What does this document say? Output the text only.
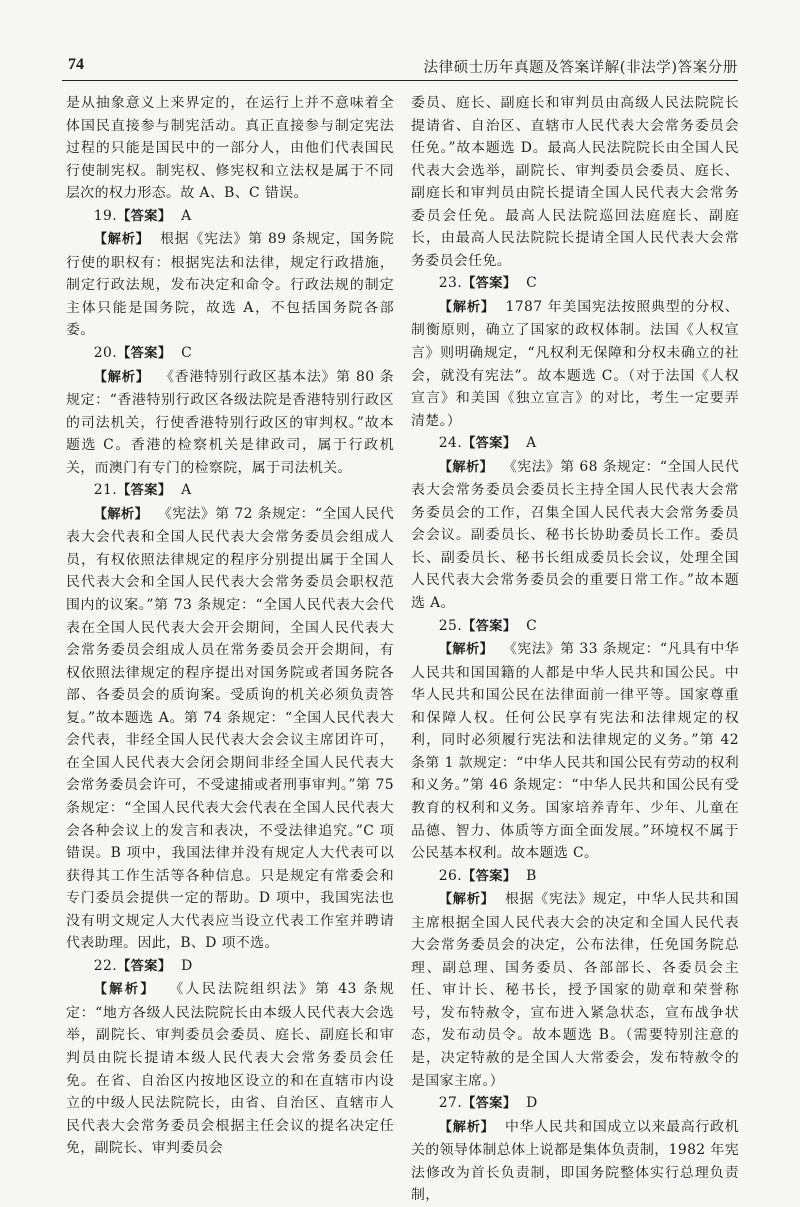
74	法律硕士历年真题及答案详解(非法学)答案分册

是从抽象意义上来界定的，在运行上并不意味着全体国民直接参与制宪活动。真正直接参与制定宪法过程的只能是国民中的一部分人，由他们代表国民行使制宪权。制宪权、修宪权和立法权是属于不同层次的权力形态。故 A、B、C 错误。

19.【答案】 A

【解析】 根据《宪法》第 89 条规定，国务院行使的职权有：根据宪法和法律，规定行政措施，制定行政法规，发布决定和命令。行政法规的制定主体只能是国务院，故选 A，不包括国务院各部委。

20.【答案】 C

【解析】 《香港特别行政区基本法》第 80 条规定：“香港特别行政区各级法院是香港特别行政区的司法机关，行使香港特别行政区的审判权。”故本题选 C。香港的检察机关是律政司，属于行政机关，而澳门有专门的检察院，属于司法机关。

21.【答案】 A

【解析】 《宪法》第 72 条规定：“全国人民代表大会代表和全国人民代表大会常务委员会组成人员，有权依照法律规定的程序分别提出属于全国人民代表大会和全国人民代表大会常务委员会职权范围内的议案。”第 73 条规定：“全国人民代表大会代表在全国人民代表大会开会期间，全国人民代表大会常务委员会组成人员在常务委员会开会期间，有权依照法律规定的程序提出对国务院或者国务院各部、各委员会的质询案。受质询的机关必须负责答复。”故本题选 A。第 74 条规定：“全国人民代表大会代表，非经全国人民代表大会会议主席团许可，在全国人民代表大会闭会期间非经全国人民代表大会常务委员会许可，不受逮捕或者刑事审判。”第 75 条规定：“全国人民代表大会代表在全国人民代表大会各种会议上的发言和表决，不受法律追究。”C 项错误。B 项中，我国法律并没有规定人大代表可以获得其工作生活等各种信息。只是规定有常委会和专门委员会提供一定的帮助。D 项中，我国宪法也没有明文规定人大代表应当设立代表工作室并聘请代表助理。因此，B、D 项不选。

22.【答案】 D

【解析】 《人民法院组织法》第 43 条规定：“地方各级人民法院院长由本级人民代表大会选举，副院长、审判委员会委员、庭长、副庭长和审判员由院长提请本级人民代表大会常务委员会任免。在省、自治区内按地区设立的和在直辖市内设立的中级人民法院院长，由省、自治区、直辖市人民代表大会常务委员会根据主任会议的提名决定任免，副院长、审判委员会

委员、庭长、副庭长和审判员由高级人民法院院长提请省、自治区、直辖市人民代表大会常务委员会任免。”故本题选 D。最高人民法院院长由全国人民代表大会选举，副院长、审判委员会委员、庭长、副庭长和审判员由院长提请全国人民代表大会常务委员会任免。最高人民法院巡回法庭庭长、副庭长，由最高人民法院院长提请全国人民代表大会常务委员会任免。

23.【答案】 C

【解析】 1787 年美国宪法按照典型的分权、制衡原则，确立了国家的政权体制。法国《人权宣言》则明确规定，“凡权利无保障和分权未确立的社会，就没有宪法”。故本题选 C。（对于法国《人权宣言》和美国《独立宣言》的对比，考生一定要弄清楚。）

24.【答案】 A

【解析】 《宪法》第 68 条规定：“全国人民代表大会常务委员会委员长主持全国人民代表大会常务委员会的工作，召集全国人民代表大会常务委员会会议。副委员长、秘书长协助委员长工作。委员长、副委员长、秘书长组成委员长会议，处理全国人民代表大会常务委员会的重要日常工作。”故本题选 A。

25.【答案】 C

【解析】 《宪法》第 33 条规定：“凡具有中华人民共和国国籍的人都是中华人民共和国公民。中华人民共和国公民在法律面前一律平等。国家尊重和保障人权。任何公民享有宪法和法律规定的权利，同时必须履行宪法和法律规定的义务。”第 42 条第 1 款规定：“中华人民共和国公民有劳动的权利和义务。”第 46 条规定：“中华人民共和国公民有受教育的权利和义务。国家培养青年、少年、儿童在品德、智力、体质等方面全面发展。”环境权不属于公民基本权利。故本题选 C。

26.【答案】 B

【解析】 根据《宪法》规定，中华人民共和国主席根据全国人民代表大会的决定和全国人民代表大会常务委员会的决定，公布法律，任免国务院总理、副总理、国务委员、各部部长、各委员会主任、审计长、秘书长，授予国家的勋章和荣誉称号，发布特赦令，宣布进入紧急状态，宣布战争状态，发布动员令。故本题选 B。（需要特别注意的是，决定特赦的是全国人大常委会，发布特赦令的是国家主席。）

27.【答案】 D

【解析】 中华人民共和国成立以来最高行政机关的领导体制总体上说都是集体负责制，1982 年宪法修改为首长负责制，即国务院整体实行总理负责制，
